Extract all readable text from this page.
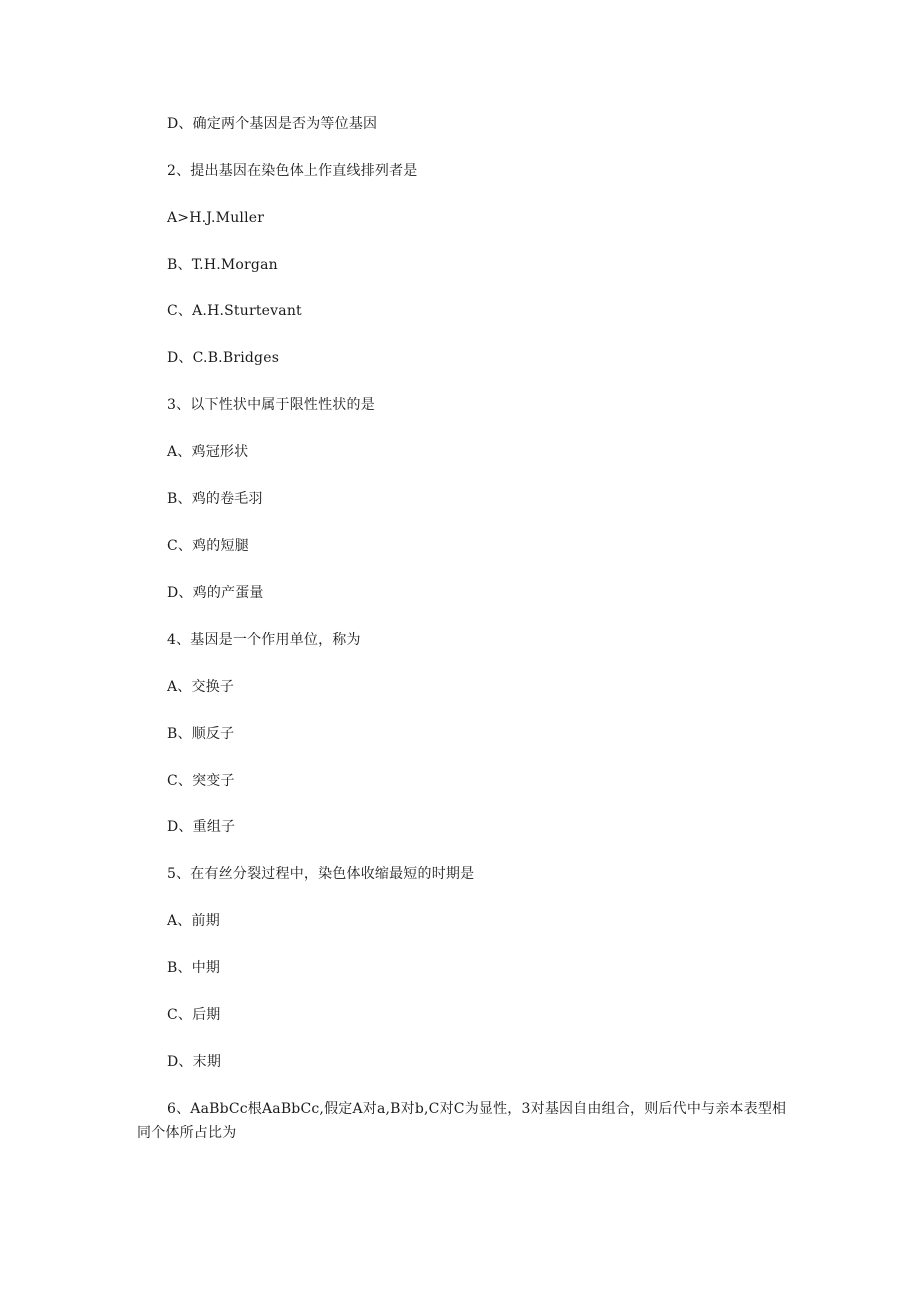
D、确定两个基因是否为等位基因
2、提出基因在染色体上作直线排列者是
A>H.J.Muller
B、T.H.Morgan
C、A.H.Sturtevant
D、C.B.Bridges
3、以下性状中属于限性性状的是
A、鸡冠形状
B、鸡的卷毛羽
C、鸡的短腿
D、鸡的产蛋量
4、基因是一个作用单位，称为
A、交换子
B、顺反子
C、突变子
D、重组子
5、在有丝分裂过程中，染色体收缩最短的时期是
A、前期
B、中期
C、后期
D、末期
6、AaBbCc根AaBbCc,假定A对a,B对b,C对C为显性，3对基因自由组合，则后代中与亲本表型相同个体所占比为
